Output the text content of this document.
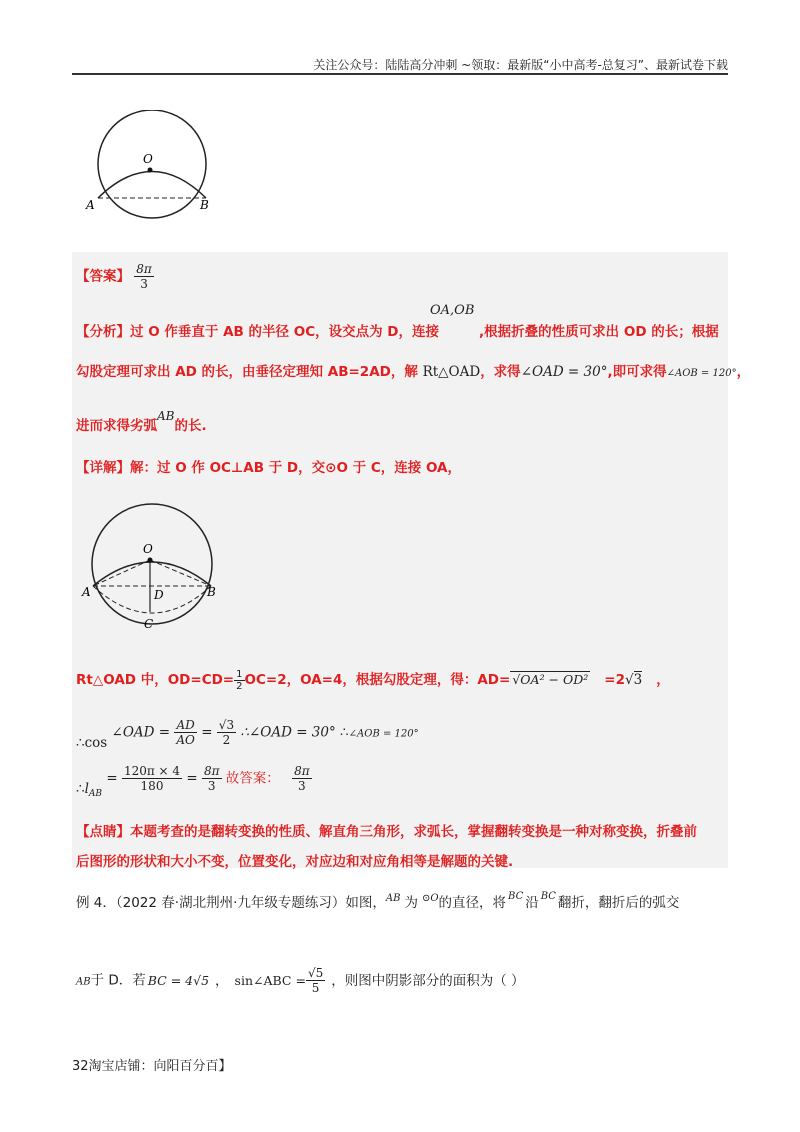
关注公众号：陆陆高分冲刺 ~领取：最新版“小中高考-总复习”、最新试卷下载
O
A	B
【答案】 $\frac{8\pi}{3}$
OA,OB
【分析】过 O 作垂直于 AB 的半径 OC，设交点为 D，连接	,根据折叠的性质可求出 OD 的长；根据
勾股定理可求出 AD 的长，由垂径定理知 AB=2AD，解 Rt△OAD，求得∠OAD = 30°,即可求得∠AOB = 120°，
进而求得劣弧AB的长.
【详解】解：过 O 作 OC⊥AB 于 D，交⊙O 于 C，连接 OA，
O
A	B
D
C
Rt△OAD 中，$OD=CD= \frac{1}{2} OC=2$，OA=4，根据勾股定理，得：AD= √OA² − OD² =2√3 ，
∴cos ∠OAD = $\frac{AD}{AO} = \frac{√3}{2}$ ∴∠OAD = 30° ∴∠AOB = 120°
$\therefore l_{AB} = \frac{120\pi \times 4}{180} = \frac{8\pi}{3}$ 故答案： $\frac{8\pi}{3}$
【点睛】本题考查的是翻转变换的性质、解直角三角形，求弧长，掌握翻转变换是一种对称变换，折叠前
后图形的形状和大小不变，位置变化，对应边和对应角相等是解题的关键.
例 4．（2022 春·湖北荆州·九年级专题练习）如图，$^{AB}$ 为 $^{⊙O}$的直径，将 $^{BC}$ 沿 $^{BC}$ 翻折，翻折后的弧交
AB于 D．若 BC = 4√5 ， sin∠ABC = $\frac{√5}{5}$ ，则图中阴影部分的面积为（ ）
32淘宝店铺：向阳百分百】
